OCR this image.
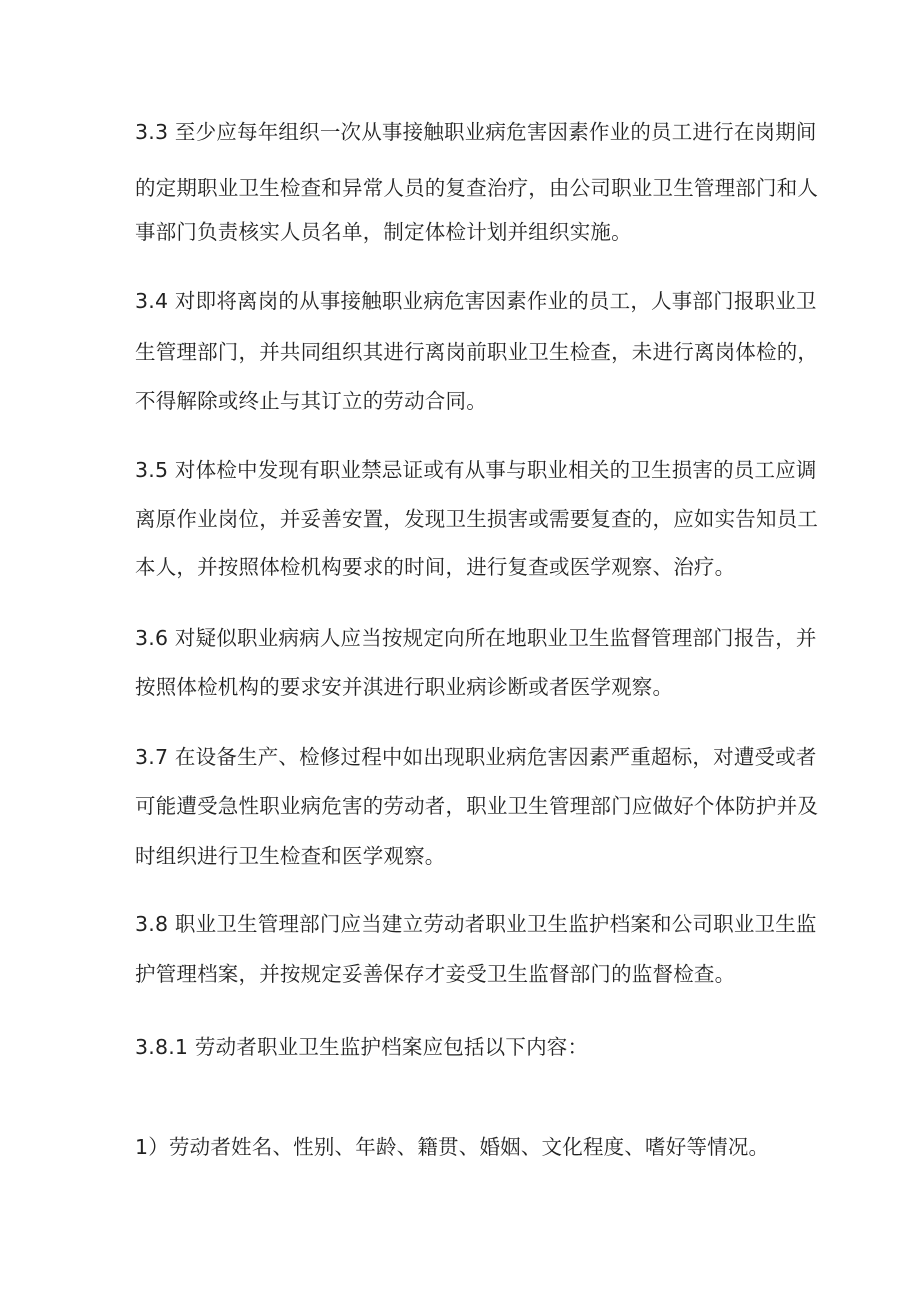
3.3 至少应每年组织一次从事接触职业病危害因素作业的员工进行在岗期间
的定期职业卫生检查和异常人员的复查治疗，由公司职业卫生管理部门和人
事部门负责核实人员名单，制定体检计划并组织实施。
3.4 对即将离岗的从事接触职业病危害因素作业的员工，人事部门报职业卫
生管理部门，并共同组织其进行离岗前职业卫生检查，未进行离岗体检的，
不得解除或终止与其订立的劳动合同。
3.5 对体检中发现有职业禁忌证或有从事与职业相关的卫生损害的员工应调
离原作业岗位，并妥善安置，发现卫生损害或需要复查的，应如实告知员工
本人，并按照体检机构要求的时间，进行复查或医学观察、治疗。
3.6 对疑似职业病病人应当按规定向所在地职业卫生监督管理部门报告，并
按照体检机构的要求安并淇进行职业病诊断或者医学观察。
3.7 在设备生产、检修过程中如出现职业病危害因素严重超标，对遭受或者
可能遭受急性职业病危害的劳动者，职业卫生管理部门应做好个体防护并及
时组织进行卫生检查和医学观察。
3.8 职业卫生管理部门应当建立劳动者职业卫生监护档案和公司职业卫生监
护管理档案，并按规定妥善保存才妾受卫生监督部门的监督检查。
3.8.1 劳动者职业卫生监护档案应包括以下内容：
1）劳动者姓名、性别、年龄、籍贯、婚姻、文化程度、嗜好等情况。
